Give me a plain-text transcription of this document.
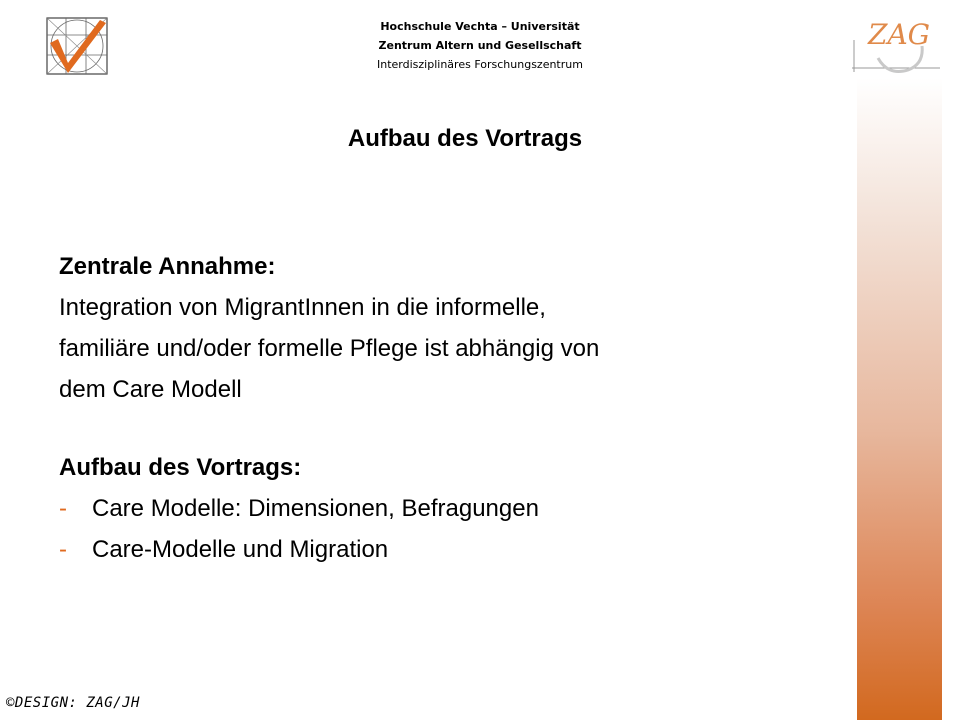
Hochschule Vechta – Universität
Zentrum Altern und Gesellschaft
Interdisziplinäres Forschungszentrum
ZAG
Aufbau des Vortrags
Zentrale Annahme:
Integration von MigrantInnen in die informelle,
familiäre und/oder formelle Pflege ist abhängig von
dem Care Modell
Aufbau des Vortrags:
-	Care Modelle: Dimensionen, Befragungen
-	Care-Modelle und Migration
©DESIGN: ZAG/JH
